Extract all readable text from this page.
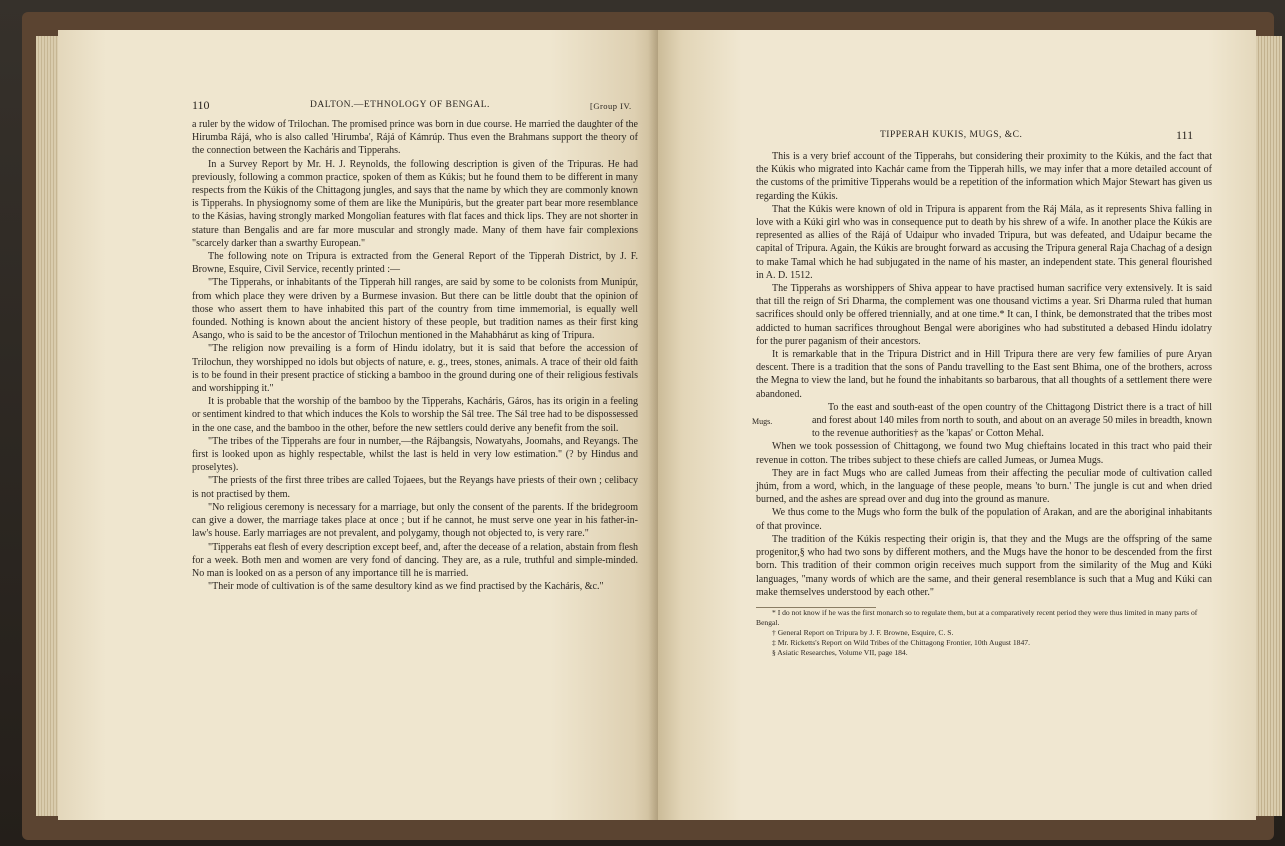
110	DALTON.—ETHNOLOGY OF BENGAL.	[Group IV.

a ruler by the widow of Trilochan. The promised prince was born in due course. He married the daughter of the Hirumba Rájá, who is also called 'Hirumba', Rájá of Kámrúp. Thus even the Brahmans support the theory of the connection between the Kacháris and Tipperahs.

In a Survey Report by Mr. H. J. Reynolds, the following description is given of the Tripuras. He had previously, following a common practice, spoken of them as Kúkis; but he found them to be different in many respects from the Kúkis of the Chittagong jungles, and says that the name by which they are commonly known is Tipperahs. In physiognomy some of them are like the Munipúris, but the greater part bear more resemblance to the Kásias, having strongly marked Mongolian features with flat faces and thick lips. They are not shorter in stature than Bengalis and are far more muscular and strongly made. Many of them have fair complexions "scarcely darker than a swarthy European."

The following note on Tripura is extracted from the General Report of the Tipperah District, by J. F. Browne, Esquire, Civil Service, recently printed :—

"The Tipperahs, or inhabitants of the Tipperah hill ranges, are said by some to be colonists from Munipúr, from which place they were driven by a Burmese invasion. But there can be little doubt that the opinion of those who assert them to have inhabited this part of the country from time immemorial, is equally well founded. Nothing is known about the ancient history of these people, but tradition names as their first king Asango, who is said to be the ancestor of Trilochun mentioned in the Mahabhárut as king of Tripura.

"The religion now prevailing is a form of Hindu idolatry, but it is said that before the accession of Trilochun, they worshipped no idols but objects of nature, e. g., trees, stones, animals. A trace of their old faith is to be found in their present practice of sticking a bamboo in the ground during one of their religious festivals and worshipping it."

It is probable that the worship of the bamboo by the Tipperahs, Kacháris, Gáros, has its origin in a feeling or sentiment kindred to that which induces the Kols to worship the Sál tree. The Sál tree had to be dispossessed in the one case, and the bamboo in the other, before the new settlers could derive any benefit from the soil.

"The tribes of the Tipperahs are four in number,—the Rájbangsis, Nowatyahs, Joomahs, and Reyangs. The first is looked upon as highly respectable, whilst the last is held in very low estimation." (? by Hindus and proselytes).

"The priests of the first three tribes are called Tojaees, but the Reyangs have priests of their own ; celibacy is not practised by them.

"No religious ceremony is necessary for a marriage, but only the consent of the parents. If the bridegroom can give a dower, the marriage takes place at once ; but if he cannot, he must serve one year in his father-in-law's house. Early marriages are not prevalent, and polygamy, though not objected to, is very rare."

"Tipperahs eat flesh of every description except beef, and, after the decease of a relation, abstain from flesh for a week. Both men and women are very fond of dancing. They are, as a rule, truthful and simple-minded. No man is looked on as a person of any importance till he is married.

"Their mode of cultivation is of the same desultory kind as we find practised by the Kacháris, &c."

TIPPERAH KUKIS, MUGS, &C.	111

This is a very brief account of the Tipperahs, but considering their proximity to the Kúkis, and the fact that the Kúkis who migrated into Kachár came from the Tipperah hills, we may infer that a more detailed account of the customs of the primitive Tipperahs would be a repetition of the information which Major Stewart has given us regarding the Kúkis.

That the Kúkis were known of old in Tripura is apparent from the Ráj Mála, as it represents Shiva falling in love with a Kúki girl who was in consequence put to death by his shrew of a wife. In another place the Kúkis are represented as allies of the Rájá of Udaipur who invaded Tripura, but was defeated, and Udaipur became the capital of Tripura. Again, the Kúkis are brought forward as accusing the Tripura general Raja Chachag of a design to make Tamal which he had subjugated in the name of his master, an independent state. This general flourished in A. D. 1512.

The Tipperahs as worshippers of Shiva appear to have practised human sacrifice very extensively. It is said that till the reign of Sri Dharma, the complement was one thousand victims a year. Sri Dharma ruled that human sacrifices should only be offered triennially, and at one time.* It can, I think, be demonstrated that the tribes most addicted to human sacrifices throughout Bengal were aborigines who had substituted a debased Hindu idolatry for the purer paganism of their ancestors.

It is remarkable that in the Tripura District and in Hill Tripura there are very few families of pure Aryan descent. There is a tradition that the sons of Pandu travelling to the East sent Bhima, one of the brothers, across the Megna to view the land, but he found the inhabitants so barbarous, that all thoughts of a settlement there were abandoned.

Mugs.
To the east and south-east of the open country of the Chittagong District there is a tract of hill and forest about 140 miles from north to south, and about on an average 50 miles in breadth, known to the revenue authorities† as the 'kapas' or Cotton Mehal.

When we took possession of Chittagong, we found two Mug chieftains located in this tract who paid their revenue in cotton. The tribes subject to these chiefs are called Jumeas, or Jumea Mugs.

They are in fact Mugs who are called Jumeas from their affecting the peculiar mode of cultivation called jhúm, from a word, which, in the language of these people, means 'to burn.' The jungle is cut and when dried burned, and the ashes are spread over and dug into the ground as manure.

We thus come to the Mugs who form the bulk of the population of Arakan, and are the aboriginal inhabitants of that province.

The tradition of the Kúkis respecting their origin is, that they and the Mugs are the offspring of the same progenitor,§ who had two sons by different mothers, and the Mugs have the honor to be descended from the first born. This tradition of their common origin receives much support from the similarity of the Mug and Kúki languages, "many words of which are the same, and their general resemblance is such that a Mug and Kúki can make themselves understood by each other."

* I do not know if he was the first monarch so to regulate them, but at a comparatively recent period they were thus limited in many parts of Bengal.

† General Report on Tripura by J. F. Browne, Esquire, C. S.

‡ Mr. Ricketts's Report on Wild Tribes of the Chittagong Frontier, 10th August 1847.

§ Asiatic Researches, Volume VII, page 184.
